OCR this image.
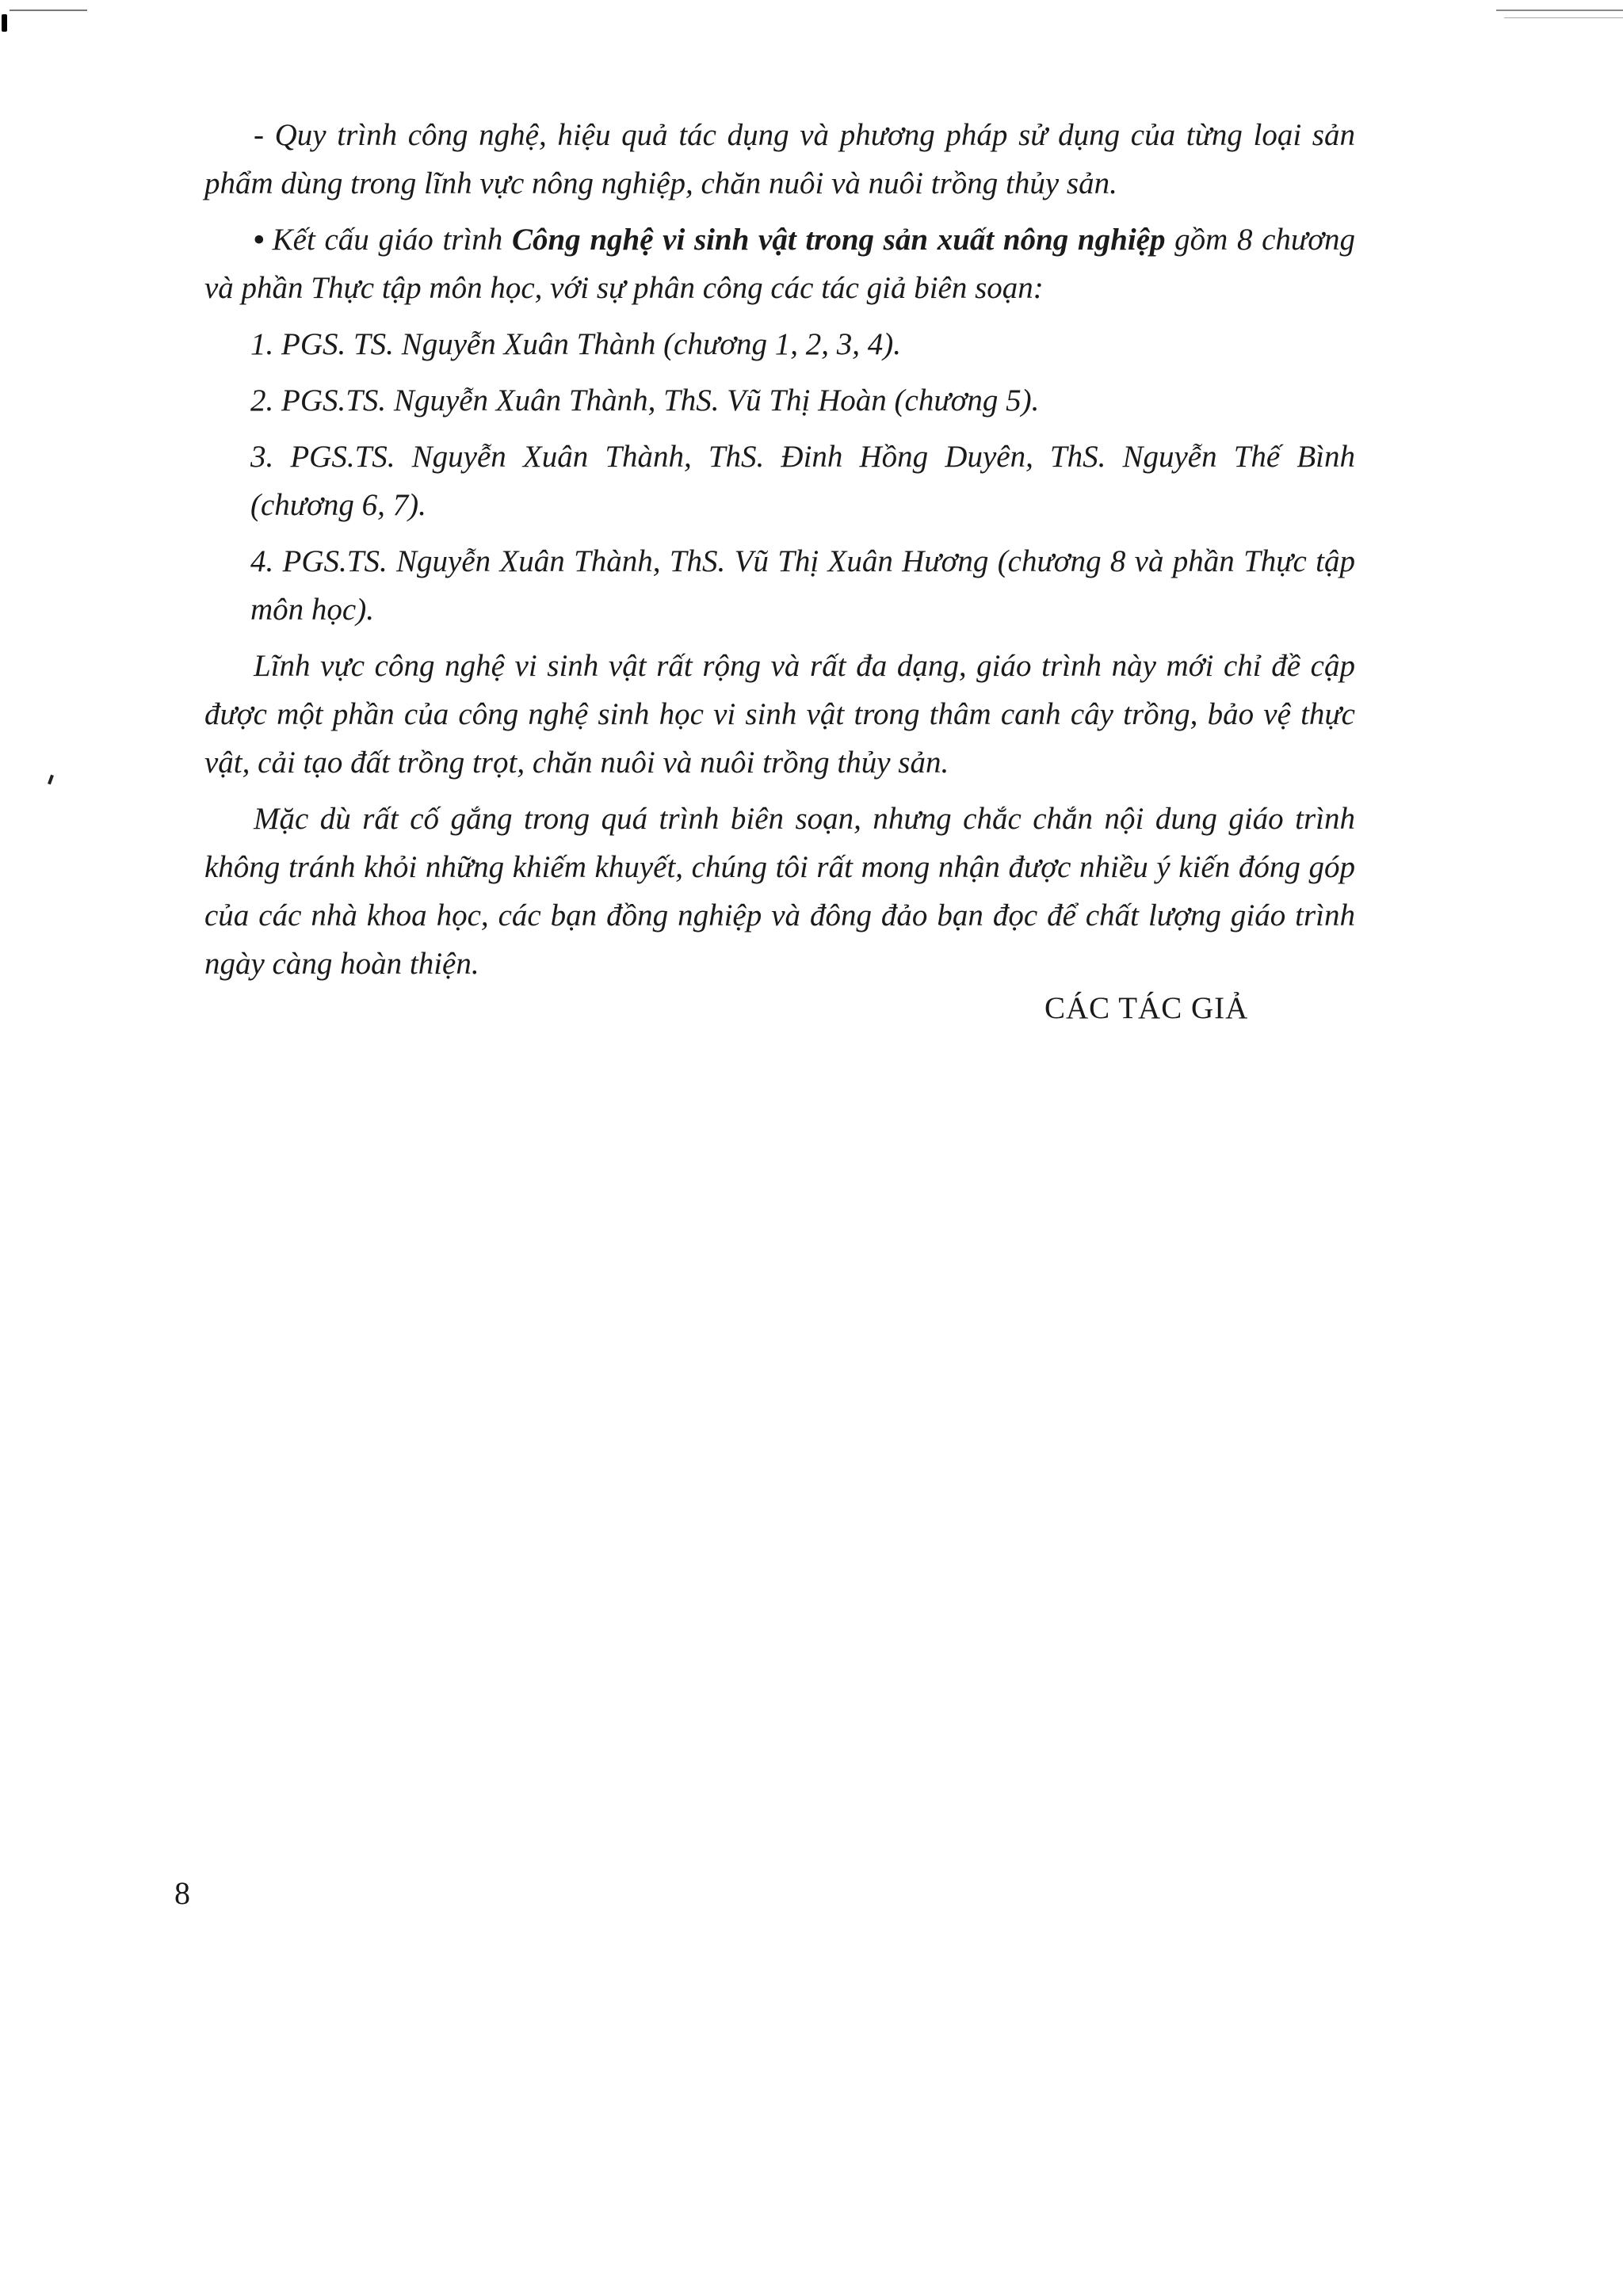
- Quy trình công nghệ, hiệu quả tác dụng và phương pháp sử dụng của từng loại sản phẩm dùng trong lĩnh vực nông nghiệp, chăn nuôi và nuôi trồng thủy sản.

• Kết cấu giáo trình Công nghệ vi sinh vật trong sản xuất nông nghiệp gồm 8 chương và phần Thực tập môn học, với sự phân công các tác giả biên soạn:

1. PGS. TS. Nguyễn Xuân Thành (chương 1, 2, 3, 4).

2. PGS.TS. Nguyễn Xuân Thành, ThS. Vũ Thị Hoàn (chương 5).

3. PGS.TS. Nguyễn Xuân Thành, ThS. Đinh Hồng Duyên, ThS. Nguyễn Thế Bình (chương 6, 7).

4. PGS.TS. Nguyễn Xuân Thành, ThS. Vũ Thị Xuân Hương (chương 8 và phần Thực tập môn học).

Lĩnh vực công nghệ vi sinh vật rất rộng và rất đa dạng, giáo trình này mới chỉ đề cập được một phần của công nghệ sinh học vi sinh vật trong thâm canh cây trồng, bảo vệ thực vật, cải tạo đất trồng trọt, chăn nuôi và nuôi trồng thủy sản.

Mặc dù rất cố gắng trong quá trình biên soạn, nhưng chắc chắn nội dung giáo trình không tránh khỏi những khiếm khuyết, chúng tôi rất mong nhận được nhiều ý kiến đóng góp của các nhà khoa học, các bạn đồng nghiệp và đông đảo bạn đọc để chất lượng giáo trình ngày càng hoàn thiện.

CÁC TÁC GIẢ
8
